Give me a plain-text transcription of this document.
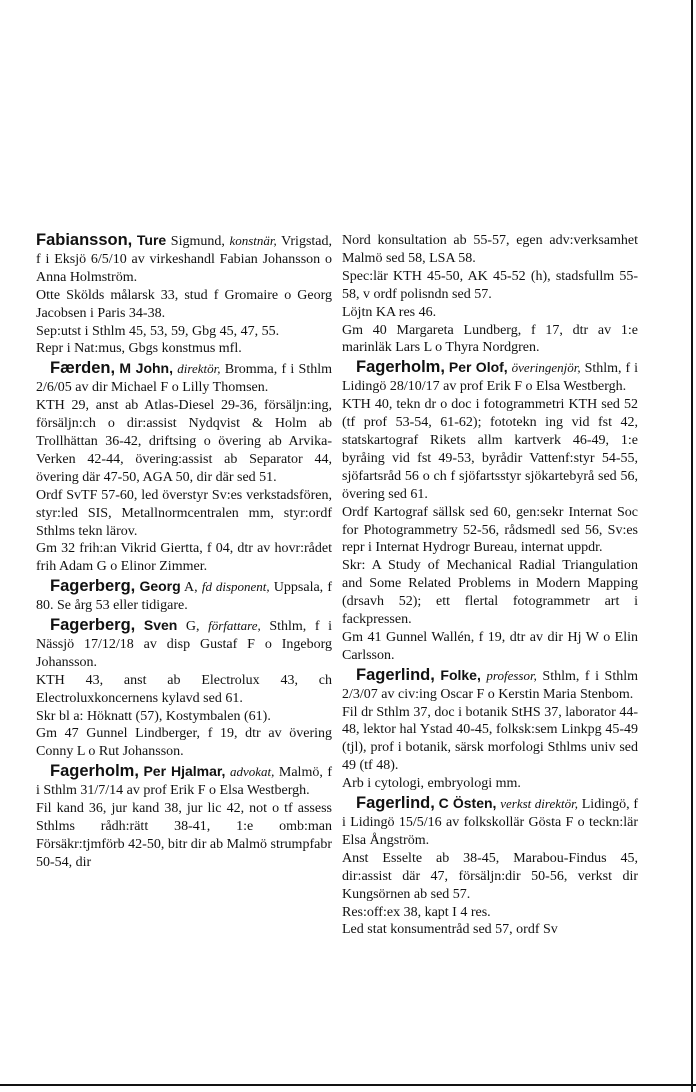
Fabiansson, Ture Sigmund, konstnär, Vrigstad, f i Eksjö 6/5/10 av virkeshandl Fabian Johansson o Anna Holmström.
Otte Skölds målarsk 33, stud f Gromaire o Georg Jacobsen i Paris 34-38.
Sep:utst i Sthlm 45, 53, 59, Gbg 45, 47, 55.
Repr i Nat:mus, Gbgs konstmus mfl.
Færden, M John, direktör, Bromma, f i Sthlm 2/6/05 av dir Michael F o Lilly Thomsen.
KTH 29, anst ab Atlas-Diesel 29-36, försäljn:ing, försäljn:ch o dir:assist Nydqvist & Holm ab Trollhättan 36-42, driftsing o övering ab Arvika-Verken 42-44, övering:assist ab Separator 44, övering där 47-50, AGA 50, dir där sed 51.
Ordf SvTF 57-60, led överstyr Sv:es verkstadsfören, styr:led SIS, Metallnormcentralen mm, styr:ordf Sthlms tekn lärov.
Gm 32 frih:an Vikrid Giertta, f 04, dtr av hovr:rådet frih Adam G o Elinor Zimmer.
Fagerberg, Georg A, fd disponent, Uppsala, f 80. Se årg 53 eller tidigare.
Fagerberg, Sven G, författare, Sthlm, f i Nässjö 17/12/18 av disp Gustaf F o Ingeborg Johansson.
KTH 43, anst ab Electrolux 43, ch Electroluxkoncernens kylavd sed 61.
Skr bl a: Höknatt (57), Kostymbalen (61).
Gm 47 Gunnel Lindberger, f 19, dtr av övering Conny L o Rut Johansson.
Fagerholm, Per Hjalmar, advokat, Malmö, f i Sthlm 31/7/14 av prof Erik F o Elsa Westbergh.
Fil kand 36, jur kand 38, jur lic 42, not o tf assess Sthlms rådh:rätt 38-41, 1:e omb:man Försäkr:tjmförb 42-50, bitr dir ab Malmö strumpfabr 50-54, dir
Nord konsultation ab 55-57, egen adv:verksamhet Malmö sed 58, LSA 58.
Spec:lär KTH 45-50, AK 45-52 (h), stadsfullm 55-58, v ordf polisndn sed 57.
Löjtn KA res 46.
Gm 40 Margareta Lundberg, f 17, dtr av 1:e marinläk Lars L o Thyra Nordgren.
Fagerholm, Per Olof, överingenjör, Sthlm, f i Lidingö 28/10/17 av prof Erik F o Elsa Westbergh.
KTH 40, tekn dr o doc i fotogrammetri KTH sed 52 (tf prof 53-54, 61-62); fototekn ing vid fst 42, statskartograf Rikets allm kartverk 46-49, 1:e byråing vid fst 49-53, byrådir Vattenf:styr 54-55, sjöfartsråd 56 o ch f sjöfartsstyr sjökartebyrå sed 56, övering sed 61.
Ordf Kartograf sällsk sed 60, gen:sekr Internat Soc for Photogrammetry 52-56, rådsmedl sed 56, Sv:es repr i Internat Hydrogr Bureau, internat uppdr.
Skr: A Study of Mechanical Radial Triangulation and Some Related Problems in Modern Mapping (drsavh 52); ett flertal fotogrammetr art i fackpressen.
Gm 41 Gunnel Wallén, f 19, dtr av dir Hj W o Elin Carlsson.
Fagerlind, Folke, professor, Sthlm, f i Sthlm 2/3/07 av civ:ing Oscar F o Kerstin Maria Stenbom.
Fil dr Sthlm 37, doc i botanik StHS 37, laborator 44-48, lektor hal Ystad 40-45, folksk:sem Linkpg 45-49 (tjl), prof i botanik, särsk morfologi Sthlms univ sed 49 (tf 48).
Arb i cytologi, embryologi mm.
Fagerlind, C Östen, verkst direktör, Lidingö, f i Lidingö 15/5/16 av folkskollär Gösta F o teckn:lär Elsa Ångström.
Anst Esselte ab 38-45, Marabou-Findus 45, dir:assist där 47, försäljn:dir 50-56, verkst dir Kungsörnen ab sed 57.
Res:off:ex 38, kapt I 4 res.
Led stat konsumentråd sed 57, ordf Sv
